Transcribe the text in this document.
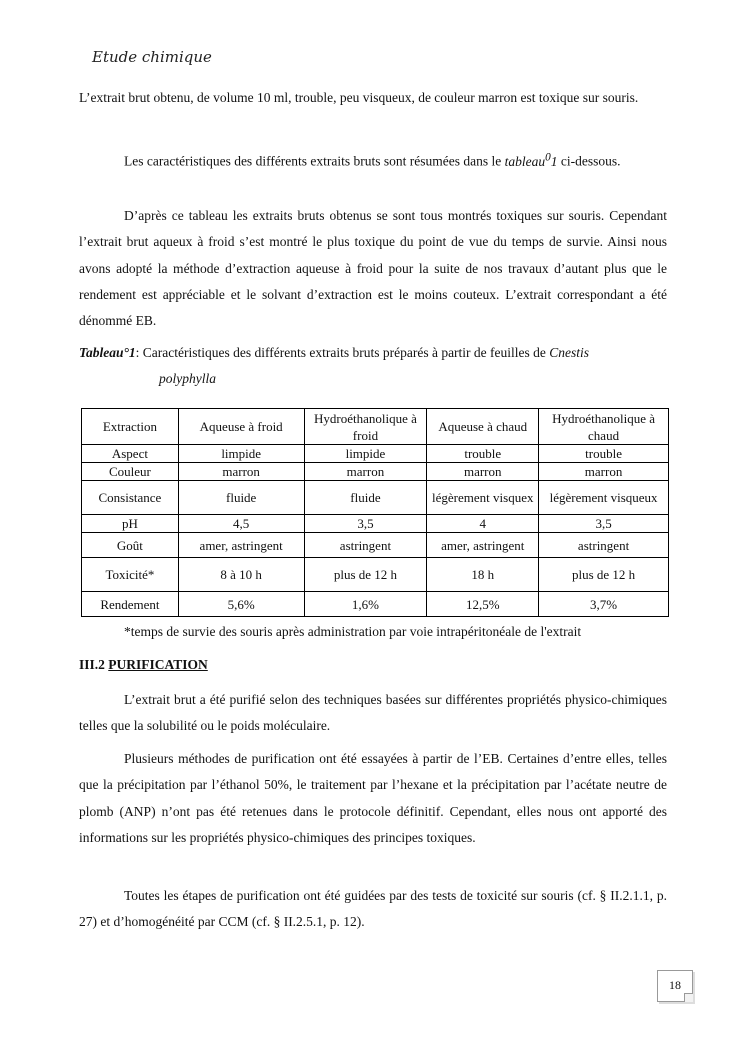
Etude chimique
L’extrait brut obtenu, de volume 10 ml, trouble, peu visqueux, de couleur marron est toxique sur souris.
Les caractéristiques des différents extraits bruts sont résumées dans le tableau$^0$1 ci-dessous.
D’après ce tableau les extraits bruts obtenus se sont tous montrés toxiques sur souris. Cependant l’extrait brut aqueux à froid s’est montré le plus toxique du point de vue du temps de survie. Ainsi nous avons adopté la méthode d’extraction aqueuse à froid pour la suite de nos travaux d’autant plus que le rendement est appréciable et le solvant d’extraction est le moins couteux. L’extrait correspondant a été dénommé EB.
Tableau°1: Caractéristiques des différents extraits bruts préparés à partir de feuilles de Cnestis
polyphylla
Extraction	Aqueuse à froid	Hydroéthanolique à froid	Aqueuse à chaud	Hydroéthanolique à chaud
Aspect	limpide	limpide	trouble	trouble
Couleur	marron	marron	marron	marron
Consistance	fluide	fluide	légèrement visquex	légèrement visqueux
pH	4,5	3,5	4	3,5
Goût	amer, astringent	astringent	amer, astringent	astringent
Toxicité*	8 à 10 h	plus de 12 h	18 h	plus de 12 h
Rendement	5,6%	1,6%	12,5%	3,7%
*temps de survie des souris après administration par voie intrapéritonéale de l'extrait
III.2 PURIFICATION
L’extrait brut a été purifié selon des techniques basées sur différentes propriétés physico-chimiques telles que la solubilité ou le poids moléculaire.
Plusieurs méthodes de purification ont été essayées à partir de l’EB. Certaines d’entre elles, telles que la précipitation par l’éthanol 50%, le traitement par l’hexane et la précipitation par l’acétate neutre de plomb (ANP) n’ont pas été retenues dans le protocole définitif. Cependant, elles nous ont apporté des informations sur les propriétés physico-chimiques des principes toxiques.
Toutes les étapes de purification ont été guidées par des tests de toxicité sur souris (cf. § II.2.1.1, p. 27) et d’homogénéité par CCM (cf. § II.2.5.1, p. 12).
18
